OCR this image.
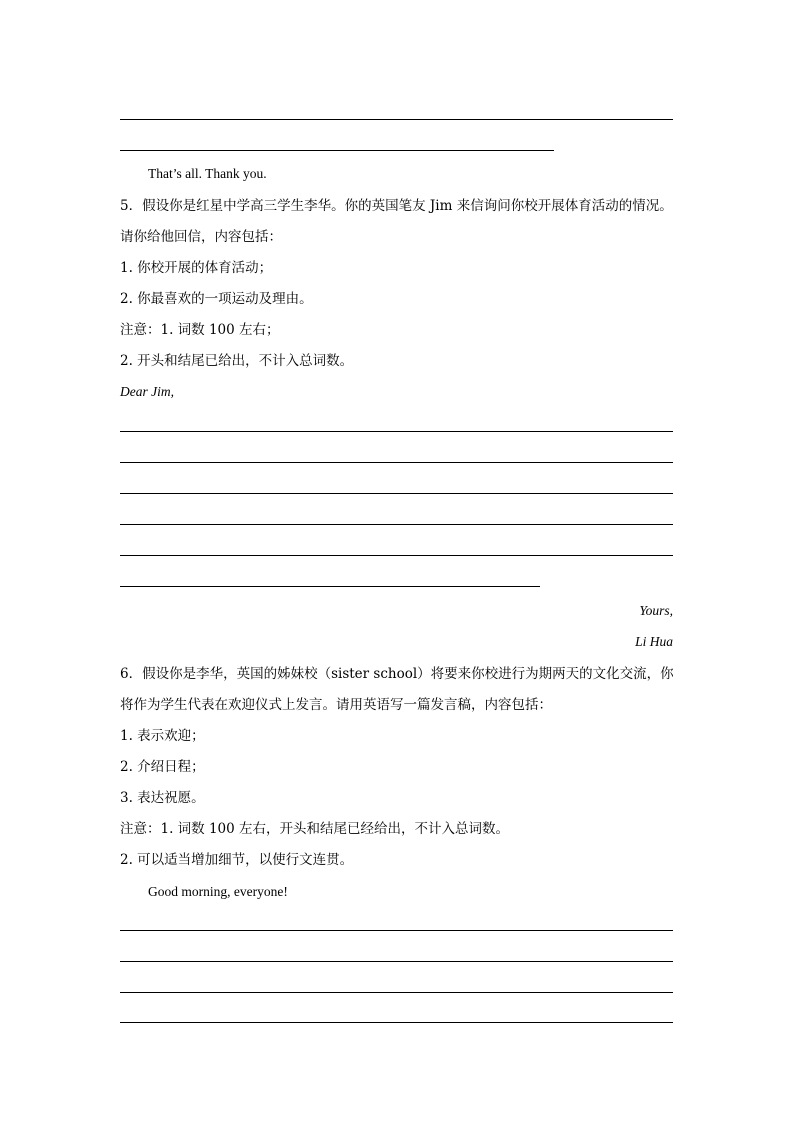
That’s all. Thank you.
5．假设你是红星中学高三学生李华。你的英国笔友 Jim 来信询问你校开展体育活动的情况。
请你给他回信，内容包括：
1. 你校开展的体育活动；
2. 你最喜欢的一项运动及理由。
注意：1. 词数 100 左右；
2. 开头和结尾已给出，不计入总词数。
Dear Jim,
Yours,
Li Hua
6．假设你是李华，英国的姊妹校（sister school）将要来你校进行为期两天的文化交流，你
将作为学生代表在欢迎仪式上发言。请用英语写一篇发言稿，内容包括：
1. 表示欢迎；
2. 介绍日程；
3. 表达祝愿。
注意：1. 词数 100 左右，开头和结尾已经给出，不计入总词数。
2. 可以适当增加细节，以使行文连贯。
Good morning, everyone!
